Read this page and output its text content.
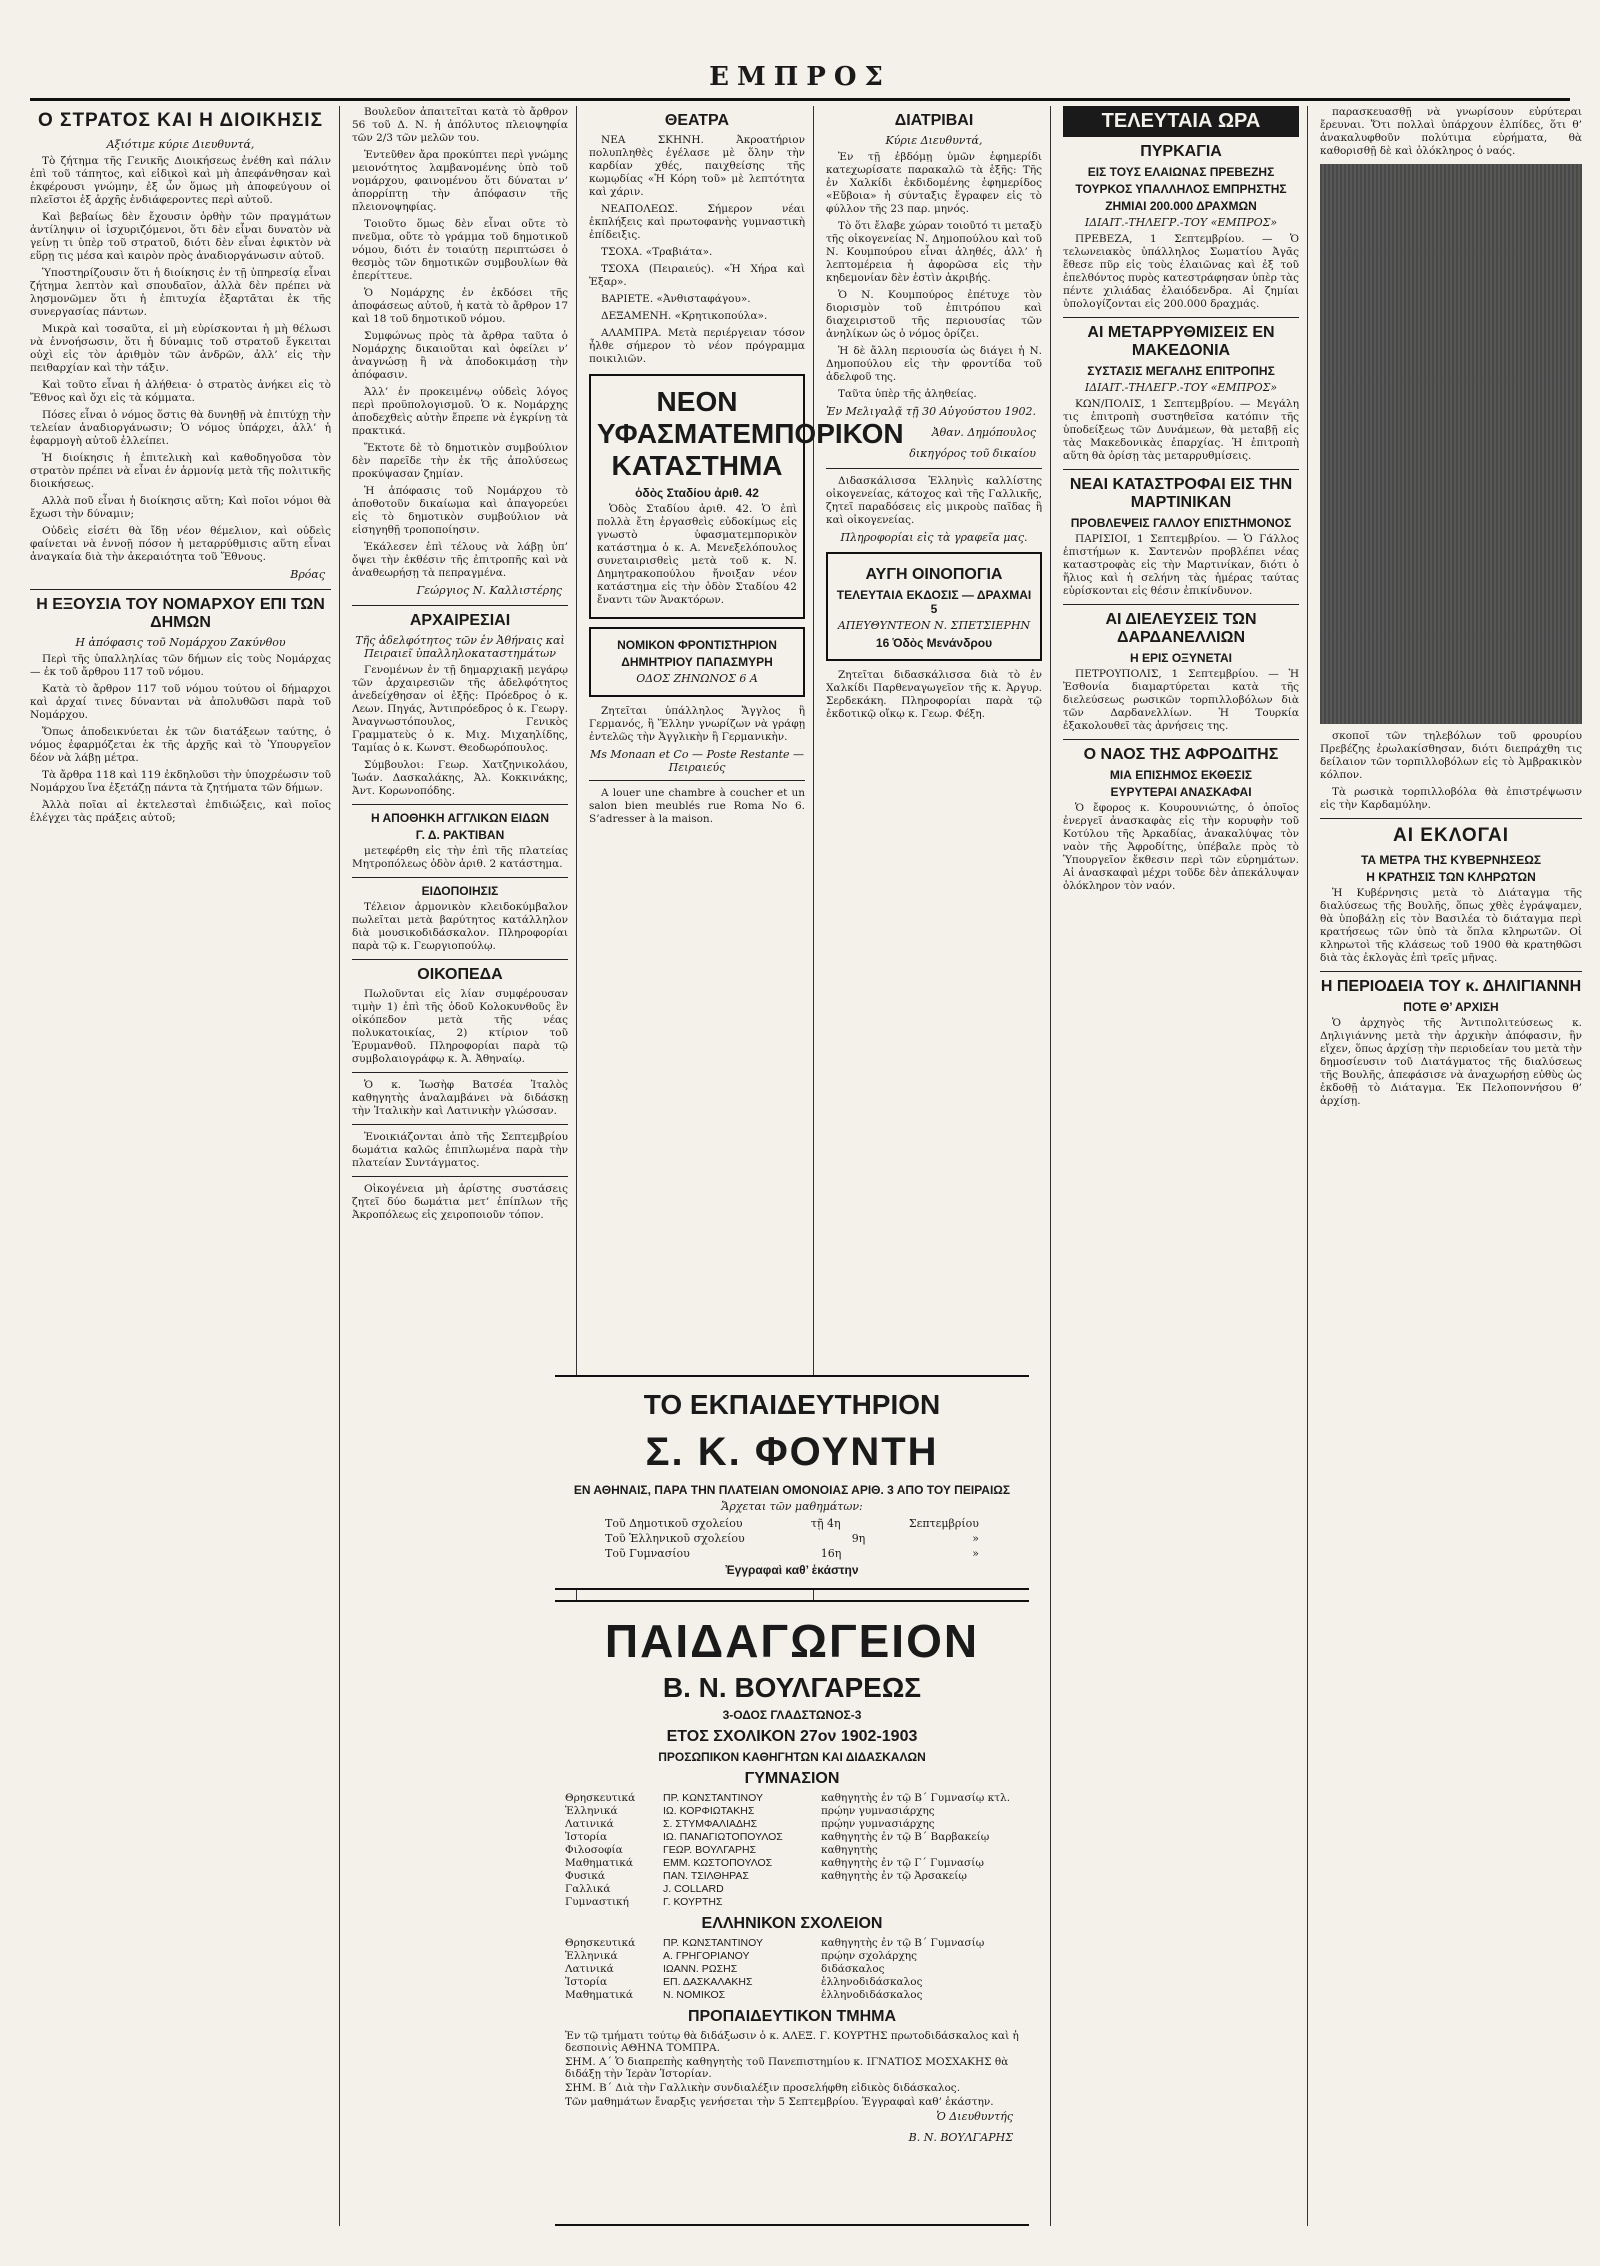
ΕΜΠΡΟΣ
Ο ΣΤΡΑΤΟΣ ΚΑΙ Η ΔΙΟΙΚΗΣΙΣ
Αξιότιμε κύριε Διευθυντά,

Τὸ ζήτημα τῆς Γενικῆς Διοικήσεως ἐνέθη καὶ πάλιν ἐπὶ τοῦ τάπητος, καὶ εἰδικοὶ καὶ μὴ ἀπεφάνθησαν καὶ ἐκφέρουσι γνώμην, ἐξ ὧν ὅμως μὴ ἀποφεύγουν οἱ πλεῖστοι ἐξ ἀρχῆς ἐνδιάφεροντες περὶ αὐτοῦ.

Καὶ βεβαίως δὲν ἔχουσιν ὀρθὴν τῶν πραγμάτων ἀντίληψιν οἱ ἰσχυριζόμενοι, ὅτι δὲν εἶναι δυνατὸν νὰ γείνῃ τι ὑπὲρ τοῦ στρατοῦ, διότι δὲν εἶναι ἐφικτὸν νὰ εὕρῃ τις μέσα καὶ καιρὸν πρὸς ἀναδιοργάνωσιν αὐτοῦ.

Ὑποστηρίζουσιν ὅτι ἡ διοίκησις ἐν τῇ ὑπηρεσίᾳ εἶναι ζήτημα λεπτὸν καὶ σπουδαῖον, ἀλλὰ δὲν πρέπει νὰ λησμονῶμεν ὅτι ἡ ἐπιτυχία ἐξαρτᾶται ἐκ τῆς συνεργασίας πάντων.

Μικρὰ καὶ τοσαῦτα, εἰ μὴ εὑρίσκονται ἡ μὴ θέλωσι νὰ ἐννοήσωσιν, ὅτι ἡ δύναμις τοῦ στρατοῦ ἔγκειται οὐχὶ εἰς τὸν ἀριθμὸν τῶν ἀνδρῶν, ἀλλ’ εἰς τὴν πειθαρχίαν καὶ τὴν τάξιν.

Καὶ τοῦτο εἶναι ἡ ἀλήθεια· ὁ στρατὸς ἀνήκει εἰς τὸ Ἔθνος καὶ ὄχι εἰς τὰ κόμματα.

Πόσες εἶναι ὁ νόμος ὅστις θὰ δυνηθῇ νὰ ἐπιτύχῃ τὴν τελείαν ἀναδιοργάνωσιν; Ὁ νόμος ὑπάρχει, ἀλλ’ ἡ ἐφαρμογὴ αὐτοῦ ἐλλείπει.

Ἡ διοίκησις ἡ ἐπιτελικὴ καὶ καθοδηγοῦσα τὸν στρατὸν πρέπει νὰ εἶναι ἐν ἀρμονίᾳ μετὰ τῆς πολιτικῆς διοικήσεως.

Αλλὰ ποῦ εἶναι ἡ διοίκησις αὕτη; Καὶ ποῖοι νόμοι θὰ ἔχωσι τὴν δύναμιν;

Οὐδεὶς εἰσέτι θὰ ἴδῃ νέον θέμελιον, καὶ οὐδεὶς φαίνεται νὰ ἐννοῇ πόσον ἡ μεταρρύθμισις αὕτη εἶναι ἀναγκαία διὰ τὴν ἀκεραιότητα τοῦ Ἔθνους.

Βρόας
Η ΕΞΟΥΣΙΑ ΤΟΥ ΝΟΜΑΡΧΟΥ ΕΠΙ ΤΩΝ ΔΗΜΩΝ
Η ἀπόφασις τοῦ Νομάρχου Ζακύνθου

Περὶ τῆς ὑπαλληλίας τῶν δήμων εἰς τοὺς Νομάρχας — ἐκ τοῦ ἄρθρου 117 τοῦ νόμου.

Κατὰ τὸ ἄρθρον 117 τοῦ νόμου τούτου οἱ δήμαρχοι καὶ ἀρχαί τινες δύνανται νὰ ἀπολυθῶσι παρὰ τοῦ Νομάρχου.

Ὅπως ἀποδεικνύεται ἐκ τῶν διατάξεων ταύτης, ὁ νόμος ἐφαρμόζεται ἐκ τῆς ἀρχῆς καὶ τὸ Ὑπουργεῖον δέον νὰ λάβῃ μέτρα.

Τὰ ἄρθρα 118 καὶ 119 ἐκδηλοῦσι τὴν ὑποχρέωσιν τοῦ Νομάρχου ἵνα ἐξετάζῃ πάντα τὰ ζητήματα τῶν δήμων.

Ἀλλὰ ποῖαι αἱ ἐκτελεσταὶ ἐπιδιώξεις, καὶ ποῖος ἐλέγχει τὰς πράξεις αὐτοῦ;

Βουλεῦον ἀπαιτεῖται κατὰ τὸ ἄρθρον 56 τοῦ Δ. Ν. ἡ ἀπόλυτος πλειοψηφία τῶν 2/3 τῶν μελῶν του.

Ἐντεῦθεν ἄρα προκύπτει περὶ γνώμης μειονότητος λαμβανομένης ὑπὸ τοῦ νομάρχου, φαινομένου ὅτι δύναται ν’ ἀπορρίπτῃ τὴν ἀπόφασιν τῆς πλειονοψηφίας.

Τοιοῦτο ὅμως δὲν εἶναι οὔτε τὸ πνεῦμα, οὔτε τὸ γράμμα τοῦ δημοτικοῦ νόμου, διότι ἐν τοιαύτῃ περιπτώσει ὁ θεσμὸς τῶν δημοτικῶν συμβουλίων θὰ ἐπερίττευε.

Ὁ Νομάρχης ἐν ἐκδόσει τῆς ἀποφάσεως αὐτοῦ, ἡ κατὰ τὸ ἄρθρον 17 καὶ 18 τοῦ δημοτικοῦ νόμου.

Συμφώνως πρὸς τὰ ἄρθρα ταῦτα ὁ Νομάρχης δικαιοῦται καὶ ὀφείλει ν’ ἀναγνώσῃ ἢ νὰ ἀποδοκιμάσῃ τὴν ἀπόφασιν.

Ἀλλ’ ἐν προκειμένῳ οὐδεὶς λόγος περὶ προϋπολογισμοῦ. Ὁ κ. Νομάρχης ἀποδεχθεὶς αὐτὴν ἔπρεπε νὰ ἐγκρίνῃ τὰ πρακτικά.

Ἔκτοτε δὲ τὸ δημοτικὸν συμβούλιον δὲν παρεῖδε τὴν ἐκ τῆς ἀπολύσεως προκύψασαν ζημίαν.

Ἡ ἀπόφασις τοῦ Νομάρχου τὸ ἀποθοτοῦν δικαίωμα καὶ ἀπαγορεύει εἰς τὸ δημοτικὸν συμβούλιον νὰ εἰσηγηθῇ τροποποίησιν.

Ἐκάλεσεν ἐπὶ τέλους νὰ λάβῃ ὑπ’ ὄψει τὴν ἐκθέσιν τῆς ἐπιτροπῆς καὶ νὰ ἀναθεωρήσῃ τὰ πεπραγμένα.

Γεώργιος Ν. Καλλιστέρης
ΑΡΧΑΙΡΕΣΙΑΙ
Τῆς ἀδελφότητος τῶν ἐν Ἀθήναις καὶ Πειραιεῖ ὑπαλληλοκαταστημάτων

Γενομένων ἐν τῇ δημαρχιακῇ μεγάρῳ τῶν ἀρχαιρεσιῶν τῆς ἀδελφότητος ἀνεδείχθησαν οἱ ἑξῆς: Πρόεδρος ὁ κ. Λεων. Πηγάς, Ἀντιπρόεδρος ὁ κ. Γεωργ. Ἀναγνωστόπουλος, Γενικὸς Γραμματεὺς ὁ κ. Μιχ. Μιχαηλίδης, Ταμίας ὁ κ. Κωνστ. Θεοδωρόπουλος.

Σύμβουλοι: Γεωρ. Χατζηνικολάου, Ἰωάν. Δασκαλάκης, Ἀλ. Κοκκινάκης, Ἀντ. Κορωνοπόδης.

Η ΑΠΟΘΗΚΗ ΑΓΓΛΙΚΩΝ ΕΙΔΩΝ
Γ. Δ. ΡΑΚΤΙΒΑΝ

μετεφέρθη εἰς τὴν ἐπὶ τῆς πλατείας Μητροπόλεως ὁδὸν ἀριθ. 2 κατάστημα.

ΕΙΔΟΠΟΙΗΣΙΣ

Τέλειον ἀρμονικὸν κλειδοκύμβαλον πωλεῖται μετὰ βαρύτητος κατάλληλον διὰ μουσικοδιδάσκαλον. Πληροφορίαι παρὰ τῷ κ. Γεωργιοπούλῳ.

ΟΙΚΟΠΕΔΑ

Πωλοῦνται εἰς λίαν συμφέρουσαν τιμὴν 1) ἐπὶ τῆς ὁδοῦ Κολοκυνθοῦς ἓν οἰκόπεδον μετὰ τῆς νέας πολυκατοικίας, 2) κτίριον τοῦ Ἐρυμανθοῦ. Πληροφορίαι παρὰ τῷ συμβολαιογράφῳ κ. Ἀ. Ἀθηναίῳ.

Ὁ κ. Ἰωσὴφ Βατσέα Ἰταλὸς καθηγητὴς ἀναλαμβάνει νὰ διδάσκῃ τὴν Ἰταλικὴν καὶ Λατινικὴν γλώσσαν.

Ἐνοικιάζονται ἀπὸ τῆς Σεπτεμβρίου δωμάτια καλῶς ἐπιπλωμένα παρὰ τὴν πλατείαν Συντάγματος.

Οἰκογένεια μὴ ἀρίστης συστάσεις ζητεῖ δύο δωμάτια μετ’ ἐπίπλων τῆς Ἀκροπόλεως εἰς χειροποιοῦν τόπον.

ΘΕΑΤΡΑ

ΝΕΑ ΣΚΗΝΗ. Ἀκροατήριον πολυπληθὲς ἐγέλασε μὲ ὅλην τὴν καρδίαν χθές, παιχθείσης τῆς κωμῳδίας «Ἡ Κόρη τοῦ» μὲ λεπτότητα καὶ χάριν.

ΝΕΑΠΟΛΕΩΣ. Σήμερον νέαι ἐκπλήξεις καὶ πρωτοφανὴς γυμναστικὴ ἐπίδειξις.

ΤΣΟΧΑ. «Τραβιάτα».

ΤΣΟΧΑ (Πειραιεύς). «Ἡ Χήρα καὶ Ἐξαρ».

ΒΑΡΙΕΤΕ. «Ἀνθισταφάγου».

ΔΕΞΑΜΕΝΗ. «Κρητικοπούλα».

ΑΛΑΜΠΡΑ. Μετὰ περιέργειαν τόσον ἦλθε σήμερον τὸ νέον πρόγραμμα ποικιλιῶν.

ΝΕΟΝ ΥΦΑΣΜΑΤΕΜΠΟΡΙΚΟΝ ΚΑΤΑΣΤΗΜΑ
ὁδὸς Σταδίου ἀριθ. 42

Ὁδὸς Σταδίου ἀριθ. 42. Ὁ ἐπὶ πολλὰ ἔτη ἐργασθεὶς εὐδοκίμως εἰς γνωστὸ ὑφασματεμπορικὸν κατάστημα ὁ κ. Α. Μενεξελόπουλος συνεταιρισθεὶς μετὰ τοῦ κ. Ν. Δημητρακοπούλου ἤνοιξαν νέον κατάστημα εἰς τὴν ὁδὸν Σταδίου 42 ἔναντι τῶν Ἀνακτόρων.

ΝΟΜΙΚΟΝ ΦΡΟΝΤΙΣΤΗΡΙΟΝ
ΔΗΜΗΤΡΙΟΥ ΠΑΠΑΣΜΥΡΗ
ΟΔΟΣ ΖΗΝΩΝΟΣ 6 Α

Ζητεῖται ὑπάλληλος Ἄγγλος ἢ Γερμανός, ἢ Ἕλλην γνωρίζων νὰ γράφῃ ἐντελῶς τὴν Ἀγγλικὴν ἢ Γερμανικὴν.

Ms Monaan et Co — Poste Restante — Πειραιεύς

A louer une chambre à coucher et un salon bien meublés rue Roma No 6. S’adresser à la maison.

ΔΙΑΤΡΙΒΑΙ
Κύριε Διευθυντά,

Ἐν τῇ ἐβδόμῃ ὑμῶν ἐφημερίδι κατεχωρίσατε παρακαλῶ τὰ ἑξῆς: Τῆς ἐν Χαλκίδι ἐκδιδομένης ἐφημερίδος «Εὔβοια» ἡ σύνταξις ἔγραφεν εἰς τὸ φύλλον τῆς 23 παρ. μηνός.

Τὸ ὅτι ἔλαβε χώραν τοιοῦτό τι μεταξὺ τῆς οἰκογενείας Ν. Δημοπούλου καὶ τοῦ Ν. Κουμπούρου εἶναι ἀληθές, ἀλλ’ ἡ λεπτομέρεια ἡ ἀφορῶσα εἰς τὴν κηδεμονίαν δὲν ἐστὶν ἀκριβής.

Ὁ Ν. Κουμπούρος ἐπέτυχε τὸν διορισμὸν τοῦ ἐπιτρόπου καὶ διαχειριστοῦ τῆς περιουσίας τῶν ἀνηλίκων ὡς ὁ νόμος ὁρίζει.

Ἡ δὲ ἄλλη περιουσία ὡς διάγει ἡ Ν. Δημοπούλου εἰς τὴν φροντίδα τοῦ ἀδελφοῦ της.

Ταῦτα ὑπὲρ τῆς ἀληθείας.

Ἐν Μελιγαλᾷ τῇ 30 Αὐγούστου 1902.
Ἀθαν. Δημόπουλος
δικηγόρος τοῦ δικαίου

Διδασκάλισσα Ἑλληνὶς καλλίστης οἰκογενείας, κάτοχος καὶ τῆς Γαλλικῆς, ζητεῖ παραδόσεις εἰς μικροὺς παῖδας ἢ καὶ οἰκογενείας.

Πληροφορίαι εἰς τὰ γραφεῖα μας.
ΑΥΓΗ ΟΙΝΟΠΟΓΙΑ
ΤΕΛΕΥΤΑΙΑ ΕΚΔΟΣΙΣ — ΔΡΑΧΜΑΙ 5
ΑΠΕΥΘΥΝΤΕΟΝ Ν. ΣΠΕΤΣΙΕΡΗΝ
16 Ὁδὸς Μενάνδρου

Ζητεῖται διδασκάλισσα διὰ τὸ ἐν Χαλκίδι Παρθεναγωγεῖον τῆς κ. Ἀργυρ. Σερδεκάκη. Πληροφορίαι παρὰ τῷ ἐκδοτικῷ οἴκῳ κ. Γεωρ. Φέξη.

ΤΕΛΕΥΤΑΙΑ ΩΡΑ
ΠΥΡΚΑΓΙΑ
ΕΙΣ ΤΟΥΣ ΕΛΑΙΩΝΑΣ ΠΡΕΒΕΖΗΣ
ΤΟΥΡΚΟΣ ΥΠΑΛΛΗΛΟΣ ΕΜΠΡΗΣΤΗΣ
ΖΗΜΙΑΙ 200.000 ΔΡΑΧΜΩΝ
ΙΔΙΑΙΤ.-ΤΗΛΕΓΡ.-ΤΟΥ «ΕΜΠΡΟΣ»

ΠΡΕΒΕΖΑ, 1 Σεπτεμβρίου. — Ὁ τελωνειακὸς ὑπάλληλος Σωματίου Ἀγᾶς ἔθεσε πῦρ εἰς τοὺς ἐλαιῶνας καὶ ἐξ τοῦ ἐπελθόντος πυρὸς κατεστράφησαν ὑπὲρ τὰς πέντε χιλιάδας ἐλαιόδενδρα. Αἱ ζημίαι ὑπολογίζονται εἰς 200.000 δραχμάς.

ΑΙ ΜΕΤΑΡΡΥΘΜΙΣΕΙΣ ΕΝ ΜΑΚΕΔΟΝΙΑ
ΣΥΣΤΑΣΙΣ ΜΕΓΑΛΗΣ ΕΠΙΤΡΟΠΗΣ
ΙΔΙΑΙΤ.-ΤΗΛΕΓΡ.-ΤΟΥ «ΕΜΠΡΟΣ»

ΚΩΝ/ΠΟΛΙΣ, 1 Σεπτεμβρίου. — Μεγάλη τις ἐπιτροπὴ συστηθεῖσα κατόπιν τῆς ὑποδείξεως τῶν Δυνάμεων, θὰ μεταβῇ εἰς τὰς Μακεδονικὰς ἐπαρχίας. Ἡ ἐπιτροπὴ αὕτη θὰ ὁρίσῃ τὰς μεταρρυθμίσεις.

ΝΕΑΙ ΚΑΤΑΣΤΡΟΦΑΙ ΕΙΣ ΤΗΝ ΜΑΡΤΙΝΙΚΑΝ
ΠΡΟΒΛΕΨΕΙΣ ΓΑΛΛΟΥ ΕΠΙΣΤΗΜΟΝΟΣ

ΠΑΡΙΣΙΟΙ, 1 Σεπτεμβρίου. — Ὁ Γάλλος ἐπιστήμων κ. Σαντενὼν προβλέπει νέας καταστροφὰς εἰς τὴν Μαρτινίκαν, διότι ὁ ἥλιος καὶ ἡ σελήνη τὰς ἡμέρας ταύτας εὑρίσκονται εἰς θέσιν ἐπικίνδυνον.

ΑΙ ΔΙΕΛΕΥΣΕΙΣ ΤΩΝ ΔΑΡΔΑΝΕΛΛΙΩΝ
Η ΕΡΙΣ ΟΞΥΝΕΤΑΙ

ΠΕΤΡΟΥΠΟΛΙΣ, 1 Σεπτεμβρίου. — Ἡ Ἐσθονία διαμαρτύρεται κατὰ τῆς διελεύσεως ρωσικῶν τορπιλλοβόλων διὰ τῶν Δαρδανελλίων. Ἡ Τουρκία ἐξακολουθεῖ τὰς ἀρνήσεις της.

Ο ΝΑΟΣ ΤΗΣ ΑΦΡΟΔΙΤΗΣ
ΜΙΑ ΕΠΙΣΗΜΟΣ ΕΚΘΕΣΙΣ
ΕΥΡΥΤΕΡΑΙ ΑΝΑΣΚΑΦΑΙ

Ὁ ἔφορος κ. Κουρουνιώτης, ὁ ὁποῖος ἐνεργεῖ ἀνασκαφὰς εἰς τὴν κορυφὴν τοῦ Κοτύλου τῆς Ἀρκαδίας, ἀνακαλύψας τὸν ναὸν τῆς Ἀφροδίτης, ὑπέβαλε πρὸς τὸ Ὑπουργεῖον ἔκθεσιν περὶ τῶν εὑρημάτων. Αἱ ἀνασκαφαὶ μέχρι τοῦδε δὲν ἀπεκάλυψαν ὁλόκληρον τὸν ναόν.

παρασκευασθῇ νὰ γνωρίσουν εὐρύτεραι ἔρευναι. Ὅτι πολλαὶ ὑπάρχουν ἐλπίδες, ὅτι θ’ ἀνακαλυφθοῦν πολύτιμα εὑρήματα, θὰ καθορισθῇ δὲ καὶ ὁλόκληρος ὁ ναός.

σκοποῖ τῶν τηλεβόλων τοῦ φρουρίου Πρεβέζης ἐρωλακίσθησαν, διότι διεπράχθη τις δείλαιον τῶν τορπιλλοβόλων εἰς τὸ Ἀμβρακικὸν κόλπον.

Τὰ ρωσικὰ τορπιλλοβόλα θὰ ἐπιστρέψωσιν εἰς τὴν Καρδαμύλην.

ΑΙ ΕΚΛΟΓΑΙ
ΤΑ ΜΕΤΡΑ ΤΗΣ ΚΥΒΕΡΝΗΣΕΩΣ
Η ΚΡΑΤΗΣΙΣ ΤΩΝ ΚΛΗΡΩΤΩΝ

Ἡ Κυβέρνησις μετὰ τὸ Διάταγμα τῆς διαλύσεως τῆς Βουλῆς, ὅπως χθὲς ἐγράψαμεν, θὰ ὑποβάλῃ εἰς τὸν Βασιλέα τὸ διάταγμα περὶ κρατήσεως τῶν ὑπὸ τὰ ὅπλα κληρωτῶν. Οἱ κληρωτοὶ τῆς κλάσεως τοῦ 1900 θὰ κρατηθῶσι διὰ τὰς ἐκλογὰς ἐπὶ τρεῖς μῆνας.

Η ΠΕΡΙΟΔΕΙΑ ΤΟΥ κ. ΔΗΛΙΓΙΑΝΝΗ
ΠΟΤΕ Θ’ ΑΡΧΙΣΗ

Ὁ ἀρχηγὸς τῆς Ἀντιπολιτεύσεως κ. Δηλιγιάννης μετὰ τὴν ἀρχικὴν ἀπόφασιν, ἣν εἴχεν, ὅπως ἀρχίσῃ τὴν περιοδείαν του μετὰ τὴν δημοσίευσιν τοῦ Διατάγματος τῆς διαλύσεως τῆς Βουλῆς, ἀπεφάσισε νὰ ἀναχωρήσῃ εὐθὺς ὡς ἐκδοθῇ τὸ Διάταγμα. Ἐκ Πελοποννήσου θ’ ἀρχίσῃ.

ΤΟ ΕΚΠΑΙΔΕΥΤΗΡΙΟΝ
Σ. Κ. ΦΟΥΝΤΗ
ΕΝ ΑΘΗΝΑΙΣ, ΠΑΡΑ ΤΗΝ ΠΛΑΤΕΙΑΝ ΟΜΟΝΟΙΑΣ ΑΡΙΘ. 3 ΑΠΟ ΤΟΥ ΠΕΙΡΑΙΩΣ
Ἄρχεται τῶν μαθημάτων:
Τοῦ Δημοτικοῦ σχολείου	τῇ 4η	Σεπτεμβρίου
Τοῦ Ἑλληνικοῦ σχολείου	9η	»
Τοῦ Γυμνασίου	16η	»
Ἐγγραφαὶ καθ’ ἑκάστην
ΠΑΙΔΑΓΩΓΕΙΟΝ
Β. Ν. ΒΟΥΛΓΑΡΕΩΣ
3-ΟΔΟΣ ΓΛΑΔΣΤΩΝΟΣ-3
ΕΤΟΣ ΣΧΟΛΙΚΟΝ 27ον 1902-1903
ΠΡΟΣΩΠΙΚΟΝ ΚΑΘΗΓΗΤΩΝ ΚΑΙ ΔΙΔΑΣΚΑΛΩΝ
ΓΥΜΝΑΣΙΟΝ
Θρησκευτικά	ΠΡ. ΚΩΝΣΤΑΝΤΙΝΟΥ	καθηγητὴς ἐν τῷ Β΄ Γυμνασίῳ κτλ.
Ἑλληνικά	ΙΩ. ΚΟΡΦΙΩΤΑΚΗΣ	πρῴην γυμνασιάρχης
Λατινικά	Σ. ΣΤΥΜΦΑΛΙΑΔΗΣ	πρῴην γυμνασιάρχης
Ἱστορία	ΙΩ. ΠΑΝΑΓΙΩΤΟΠΟΥΛΟΣ	καθηγητὴς ἐν τῷ Β΄ Βαρβακείῳ
Φιλοσοφία	ΓΕΩΡ. ΒΟΥΛΓΑΡΗΣ	καθηγητὴς
Μαθηματικά	ΕΜΜ. ΚΩΣΤΟΠΟΥΛΟΣ	καθηγητὴς ἐν τῷ Γ΄ Γυμνασίῳ
Φυσικά	ΠΑΝ. ΤΣΙΛΘΗΡΑΣ	καθηγητὴς ἐν τῷ Ἀρσακείῳ
Γαλλικά	J. COLLARD
Γυμναστική	Γ. ΚΟΥΡΤΗΣ
ΕΛΛΗΝΙΚΟΝ ΣΧΟΛΕΙΟΝ
Θρησκευτικά	ΠΡ. ΚΩΝΣΤΑΝΤΙΝΟΥ	καθηγητὴς ἐν τῷ Β΄ Γυμνασίῳ
Ἑλληνικά	Α. ΓΡΗΓΟΡΙΑΝΟΥ	πρῴην σχολάρχης
Λατινικά	ΙΩΑΝΝ. ΡΩΣΗΣ	διδάσκαλος
Ἱστορία	ΕΠ. ΔΑΣΚΑΛΑΚΗΣ	ἑλληνοδιδάσκαλος
Μαθηματικά	Ν. ΝΟΜΙΚΟΣ	ἑλληνοδιδάσκαλος
ΠΡΟΠΑΙΔΕΥΤΙΚΟΝ ΤΜΗΜΑ

Ἐν τῷ τμήματι τούτῳ θὰ διδάξωσιν ὁ κ. ΑΛΕΞ. Γ. ΚΟΥΡΤΗΣ πρωτοδιδάσκαλος καὶ ἡ δεσποινὶς ΑΘΗΝΑ ΤΟΜΠΡΑ.

ΣΗΜ. Α΄ Ὁ διαπρεπὴς καθηγητὴς τοῦ Πανεπιστημίου κ. ΙΓΝΑΤΙΟΣ ΜΟΣΧΑΚΗΣ θὰ διδάξῃ τὴν Ἱερὰν Ἱστορίαν.

ΣΗΜ. Β΄ Διὰ τὴν Γαλλικὴν συνδιαλέξιν προσελήφθη εἰδικὸς διδάσκαλος.

Τῶν μαθημάτων ἔναρξις γενήσεται τὴν 5 Σεπτεμβρίου. Ἐγγραφαὶ καθ’ ἑκάστην.

Ὁ Διευθυντής
Β. Ν. ΒΟΥΛΓΑΡΗΣ
